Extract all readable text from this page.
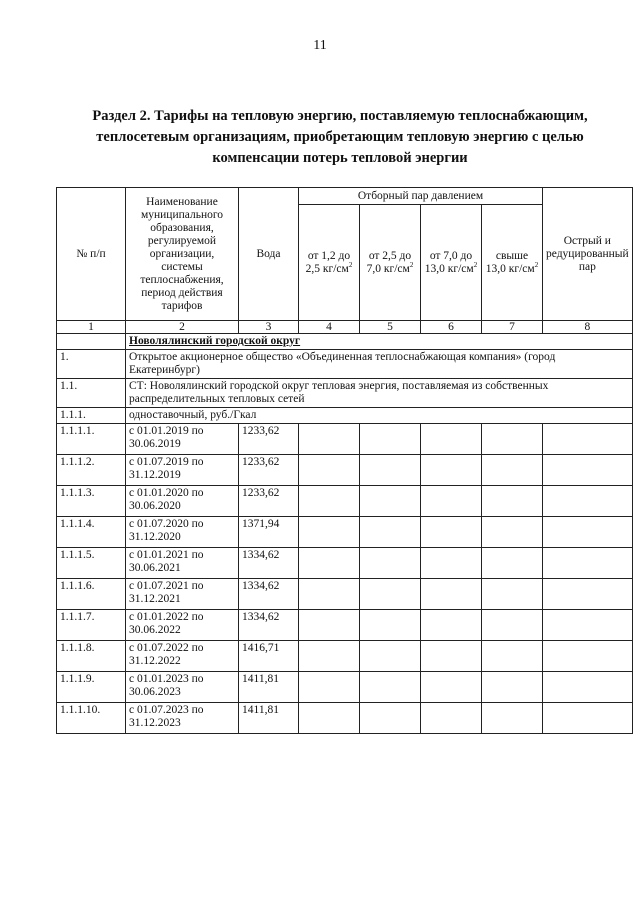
11
Раздел 2. Тарифы на тепловую энергию, поставляемую теплоснабжающим,
теплосетевым организациям, приобретающим тепловую энергию с целью
компенсации потерь тепловой энергии
№ п/п	Наименование муниципального образования, регулируемой организации, системы теплоснабжения, период действия тарифов	Вода	Отборный пар давлением				Острый и редуцированный пар
			от 1,2 до 2,5 $кг/см^2$	от 2,5 до 7,0 $кг/см^2$	от 7,0 до 13,0 $кг/см^2$	свыше 13,0 $кг/см^2$
1	2	3	4	5	6	7	8
	Новолялинский городской округ						
1.	Открытое акционерное общество «Объединенная теплоснабжающая компания» (город Екатеринбург)						
1.1.	СТ: Новолялинский городской округ тепловая энергия, поставляемая из собственных распределительных тепловых сетей						
1.1.1.	одноставочный, руб./Гкал						
1.1.1.1.	с 01.01.2019 по 30.06.2019	1233,62					
1.1.1.2.	с 01.07.2019 по 31.12.2019	1233,62					
1.1.1.3.	с 01.01.2020 по 30.06.2020	1233,62					
1.1.1.4.	с 01.07.2020 по 31.12.2020	1371,94					
1.1.1.5.	с 01.01.2021 по 30.06.2021	1334,62					
1.1.1.6.	с 01.07.2021 по 31.12.2021	1334,62					
1.1.1.7.	с 01.01.2022 по 30.06.2022	1334,62					
1.1.1.8.	с 01.07.2022 по 31.12.2022	1416,71					
1.1.1.9.	с 01.01.2023 по 30.06.2023	1411,81					
1.1.1.10.	с 01.07.2023 по 31.12.2023	1411,81					
